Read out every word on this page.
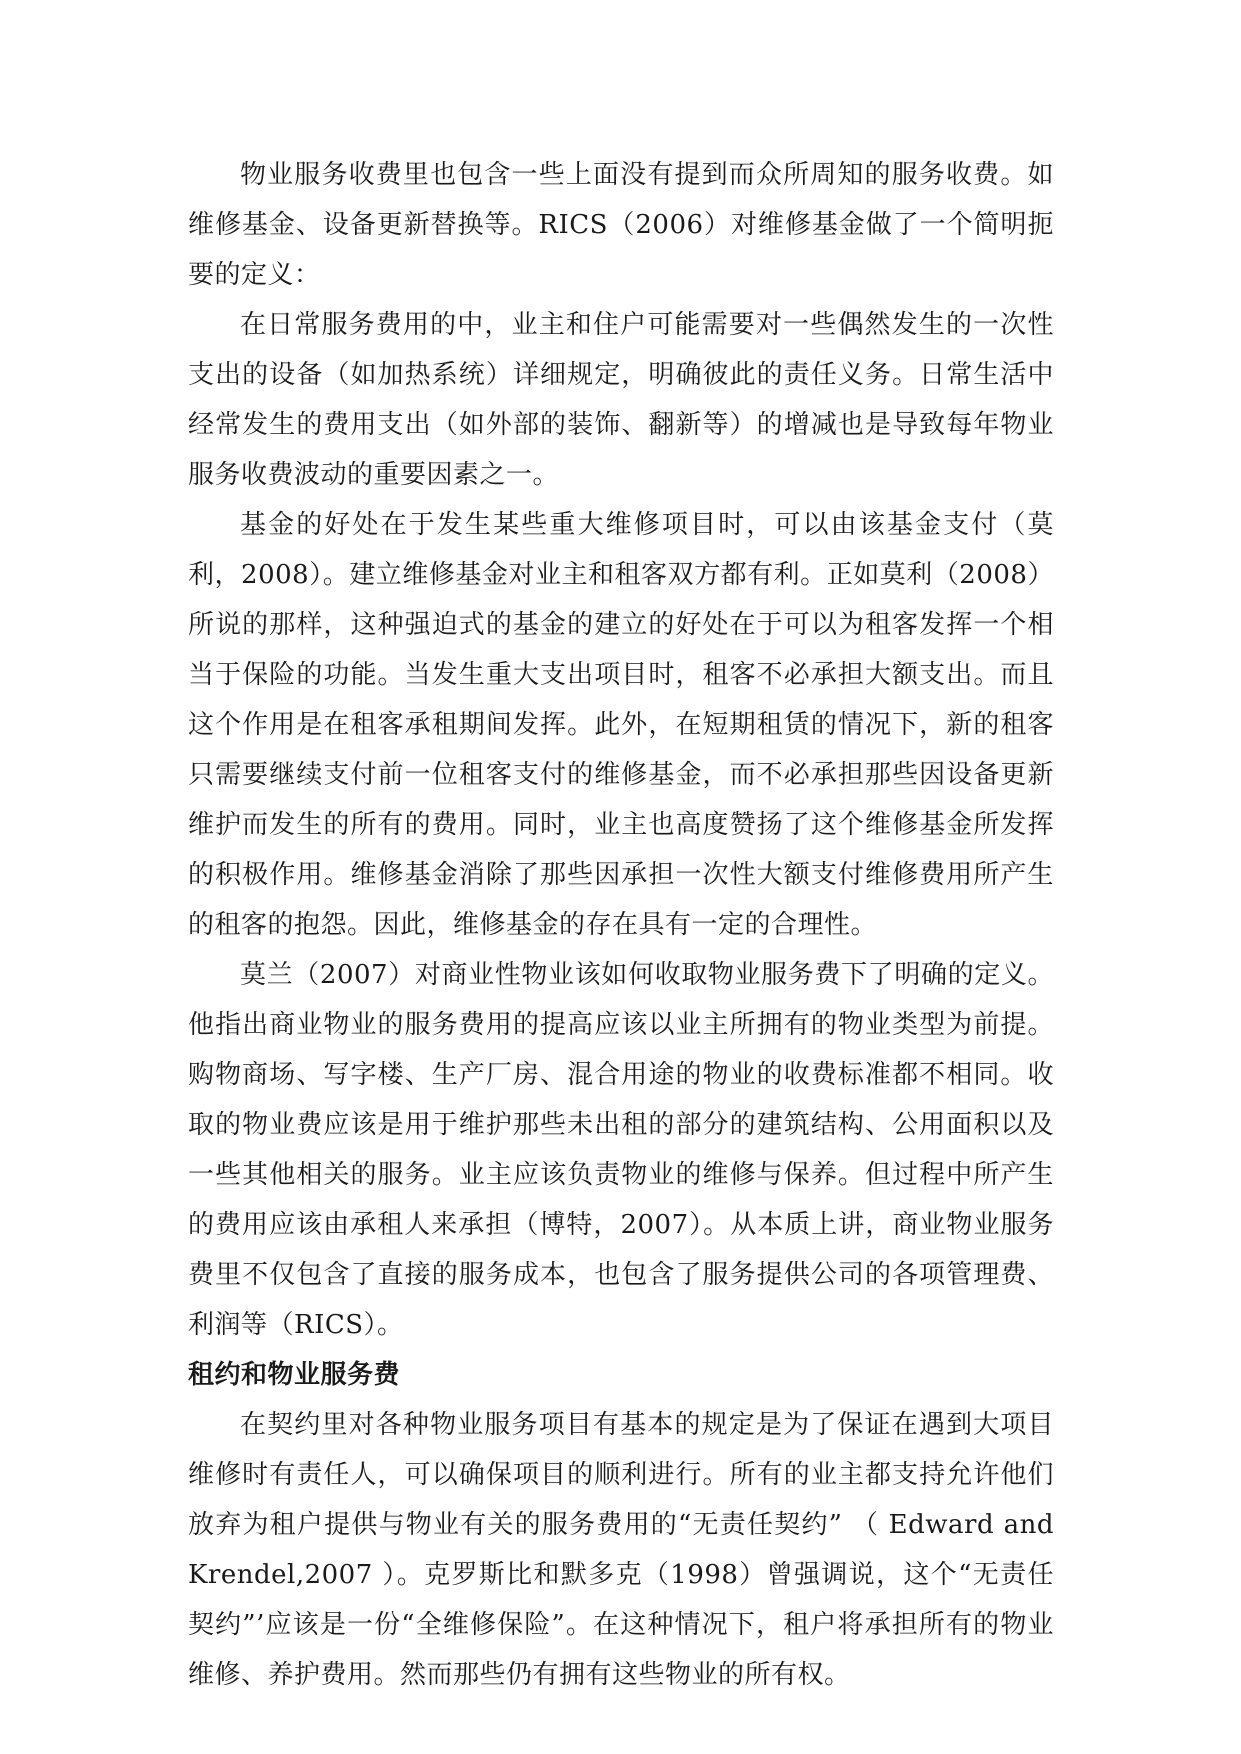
物业服务收费里也包含一些上面没有提到而众所周知的服务收费。如维修基金、设备更新替换等。RICS（2006）对维修基金做了一个简明扼要的定义：

在日常服务费用的中，业主和住户可能需要对一些偶然发生的一次性支出的设备（如加热系统）详细规定，明确彼此的责任义务。日常生活中经常发生的费用支出（如外部的装饰、翻新等）的增减也是导致每年物业服务收费波动的重要因素之一。

基金的好处在于发生某些重大维修项目时，可以由该基金支付（莫利，2008）。建立维修基金对业主和租客双方都有利。正如莫利（2008）所说的那样，这种强迫式的基金的建立的好处在于可以为租客发挥一个相当于保险的功能。当发生重大支出项目时，租客不必承担大额支出。而且这个作用是在租客承租期间发挥。此外，在短期租赁的情况下，新的租客只需要继续支付前一位租客支付的维修基金，而不必承担那些因设备更新维护而发生的所有的费用。同时，业主也高度赞扬了这个维修基金所发挥的积极作用。维修基金消除了那些因承担一次性大额支付维修费用所产生的租客的抱怨。因此，维修基金的存在具有一定的合理性。

莫兰（2007）对商业性物业该如何收取物业服务费下了明确的定义。他指出商业物业的服务费用的提高应该以业主所拥有的物业类型为前提。购物商场、写字楼、生产厂房、混合用途的物业的收费标准都不相同。收取的物业费应该是用于维护那些未出租的部分的建筑结构、公用面积以及一些其他相关的服务。业主应该负责物业的维修与保养。但过程中所产生的费用应该由承租人来承担（博特，2007）。从本质上讲，商业物业服务费里不仅包含了直接的服务成本，也包含了服务提供公司的各项管理费、利润等（RICS）。

租约和物业服务费

在契约里对各种物业服务项目有基本的规定是为了保证在遇到大项目维修时有责任人，可以确保项目的顺利进行。所有的业主都支持允许他们放弃为租户提供与物业有关的服务费用的“无责任契约” （ Edward and Krendel,2007 ）。克罗斯比和默多克（1998）曾强调说，这个“无责任契约”’应该是一份“全维修保险”。在这种情况下，租户将承担所有的物业维修、养护费用。然而那些仍有拥有这些物业的所有权。
